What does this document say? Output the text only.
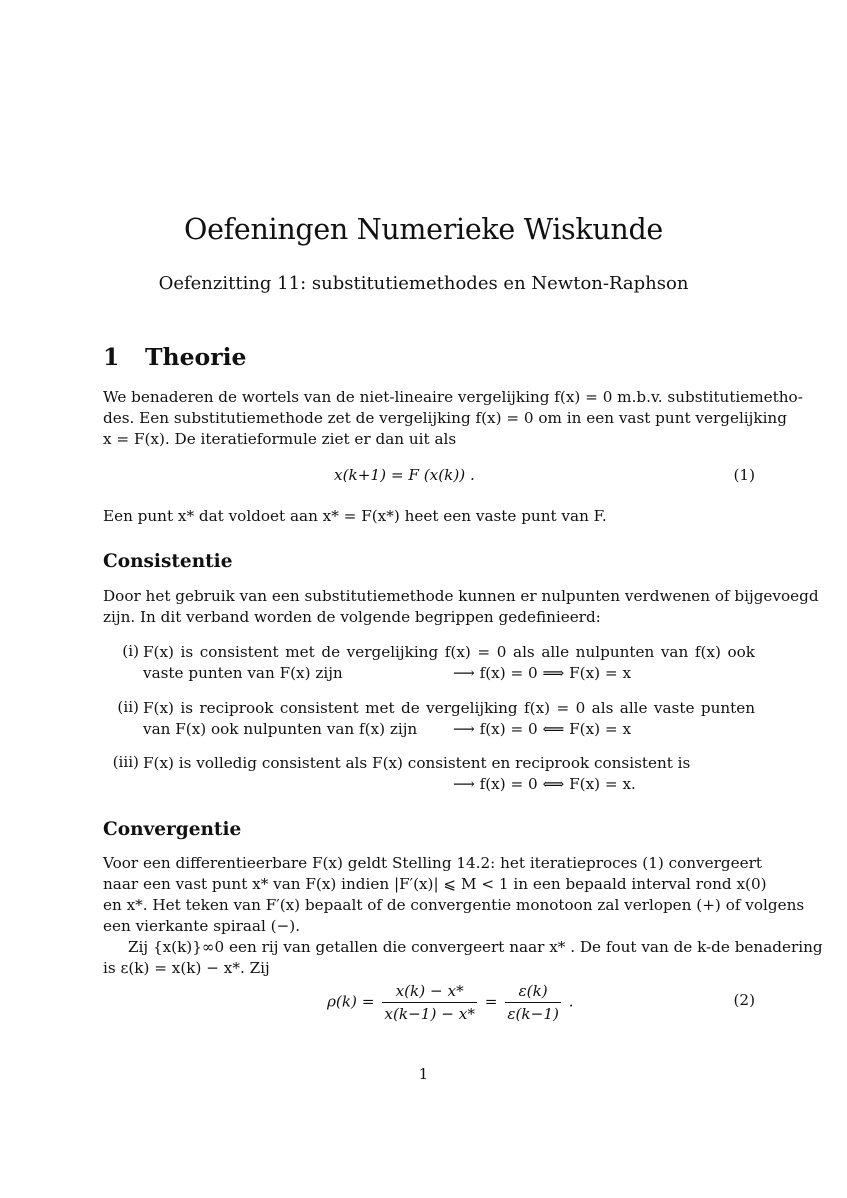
Oefeningen Numerieke Wiskunde
Oefenzitting 11: substitutiemethodes en Newton-Raphson
1 Theorie
We benaderen de wortels van de niet-lineaire vergelijking f(x) = 0 m.b.v. substitutiemetho-
des. Een substitutiemethode zet de vergelijking f(x) = 0 om in een vast punt vergelijking
x = F(x). De iteratieformule ziet er dan uit als
x(k+1) = F (x(k)) .	(1)
Een punt x* dat voldoet aan x* = F(x*) heet een vaste punt van F.
Consistentie
Door het gebruik van een substitutiemethode kunnen er nulpunten verdwenen of bijgevoegd
zijn. In dit verband worden de volgende begrippen gedefinieerd:
(i) F(x) is consistent met de vergelijking f(x) = 0 als alle nulpunten van f(x) ook
vaste punten van F(x) zijn	⟶ f(x) = 0 ⟹ F(x) = x
(ii) F(x) is reciprook consistent met de vergelijking f(x) = 0 als alle vaste punten
van F(x) ook nulpunten van f(x) zijn	⟶ f(x) = 0 ⟸ F(x) = x
(iii) F(x) is volledig consistent als F(x) consistent en reciprook consistent is
⟶ f(x) = 0 ⟺ F(x) = x.
Convergentie
Voor een differentieerbare F(x) geldt Stelling 14.2: het iteratieproces (1) convergeert
naar een vast punt x* van F(x) indien |F′(x)| ⩽ M < 1 in een bepaald interval rond x(0)
en x*. Het teken van F′(x) bepaalt of de convergentie monotoon zal verlopen (+) of volgens
een vierkante spiraal (−).
Zij {x(k)}∞0 een rij van getallen die convergeert naar x* . De fout van de k-de benadering
is ε(k) = x(k) − x*. Zij
$\rho(k) = \frac{x(k) - x*}{x(k-1) - x*} = \frac{\varepsilon(k)}{\varepsilon(k-1)}$ .	(2)
1
